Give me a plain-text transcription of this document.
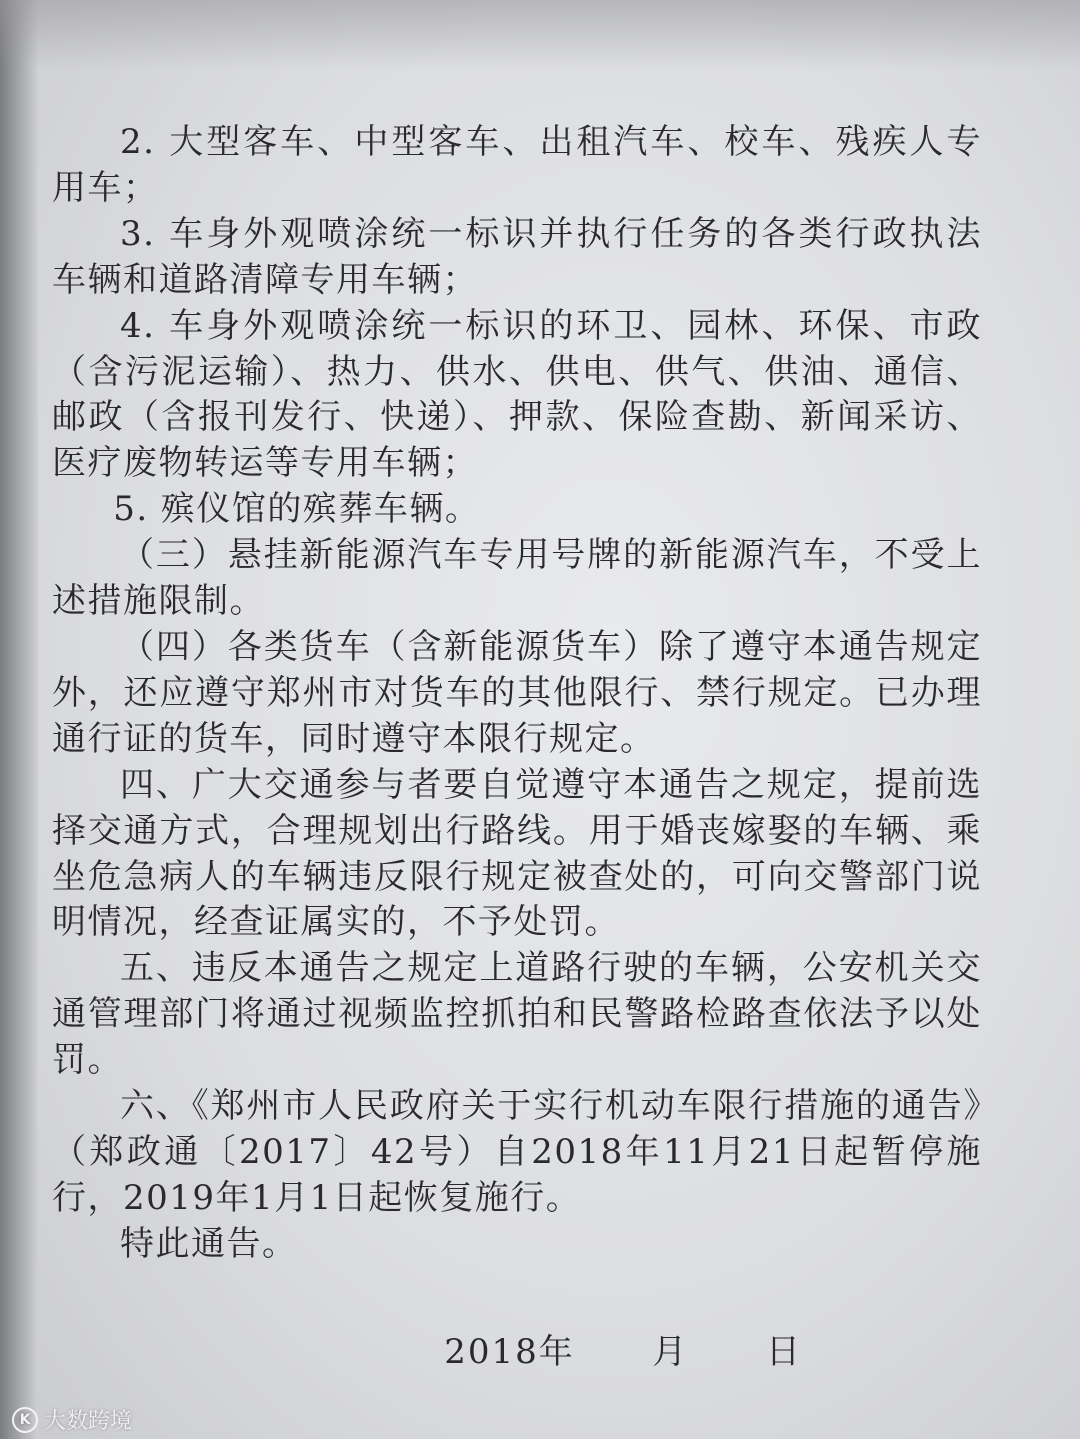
2. 大型客车、中型客车、出租汽车、校车、残疾人专用车；

3. 车身外观喷涂统一标识并执行任务的各类行政执法车辆和道路清障专用车辆；

4. 车身外观喷涂统一标识的环卫、园林、环保、市政（含污泥运输）、热力、供水、供电、供气、供油、通信、邮政（含报刊发行、快递）、押款、保险查勘、新闻采访、医疗废物转运等专用车辆；

5. 殡仪馆的殡葬车辆。

（三）悬挂新能源汽车专用号牌的新能源汽车，不受上述措施限制。

（四）各类货车（含新能源货车）除了遵守本通告规定外，还应遵守郑州市对货车的其他限行、禁行规定。已办理通行证的货车，同时遵守本限行规定。

四、广大交通参与者要自觉遵守本通告之规定，提前选择交通方式，合理规划出行路线。用于婚丧嫁娶的车辆、乘坐危急病人的车辆违反限行规定被查处的，可向交警部门说明情况，经查证属实的，不予处罚。

五、违反本通告之规定上道路行驶的车辆，公安机关交通管理部门将通过视频监控抓拍和民警路检路查依法予以处罚。

六、《郑州市人民政府关于实行机动车限行措施的通告》（郑政通〔2017〕42号）自2018年11月21日起暂停施行，2019年1月1日起恢复施行。

特此通告。

2018年 月 日
K 大数跨境
